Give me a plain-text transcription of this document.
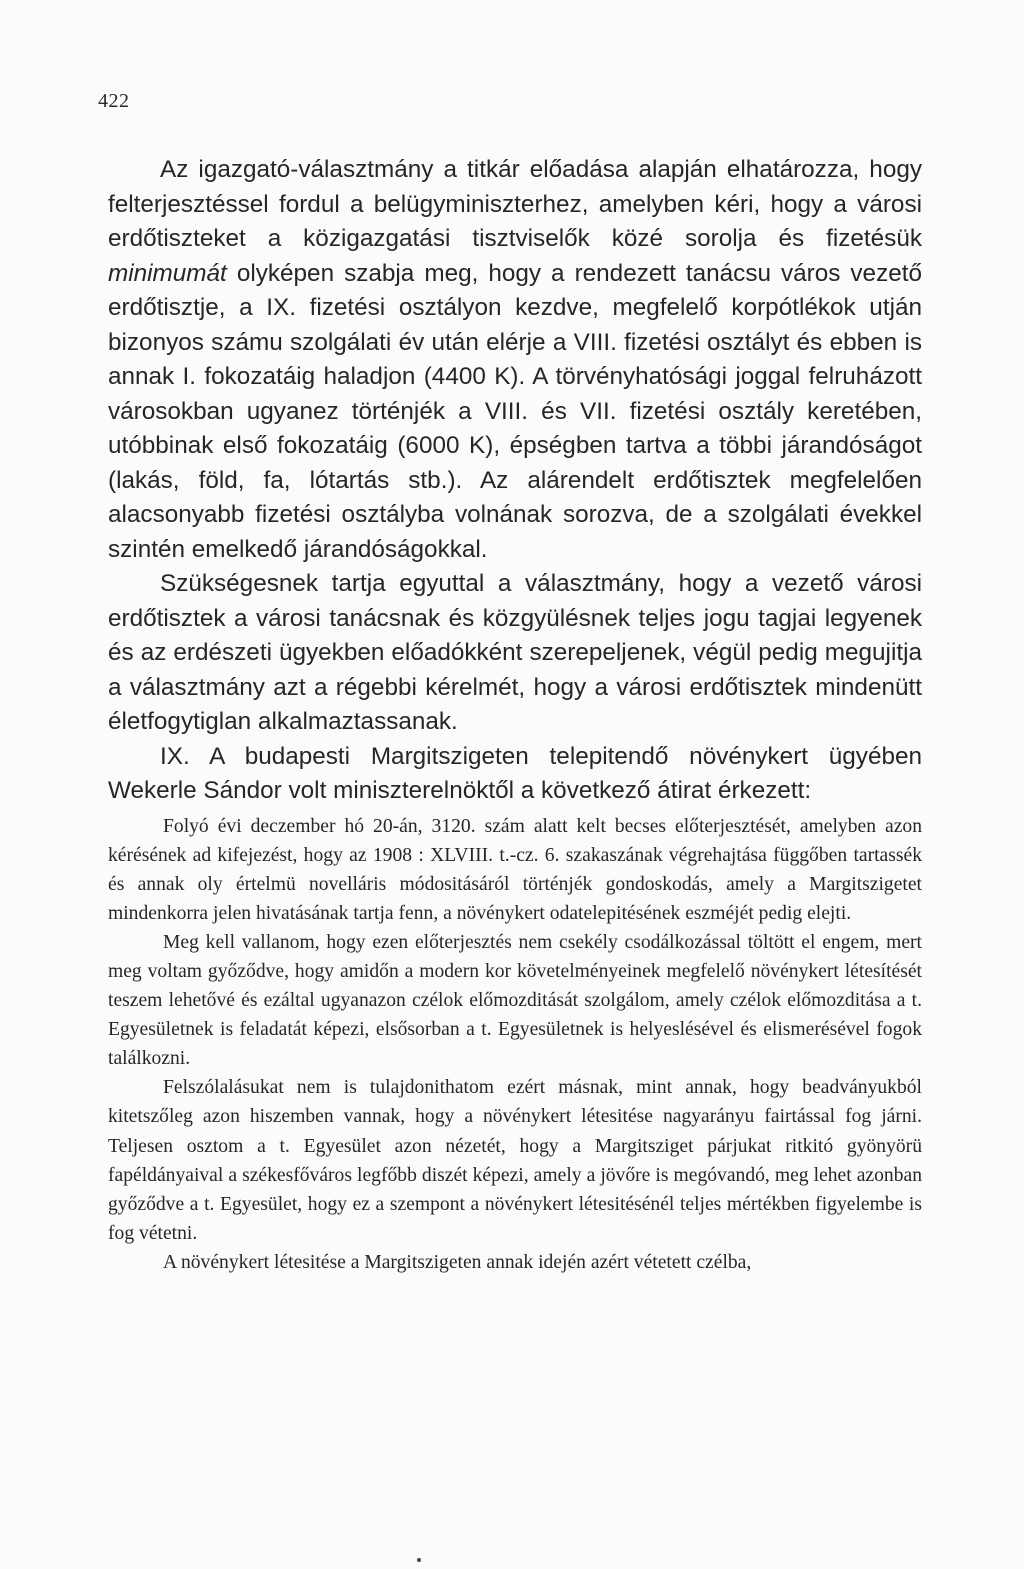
422

Az igazgató-választmány a titkár előadása alapján elhatározza, hogy felterjesztéssel fordul a belügyminiszterhez, amelyben kéri, hogy a városi erdőtiszteket a közigazgatási tisztviselők közé sorolja és fizetésük minimumát olyképen szabja meg, hogy a rendezett tanácsu város vezető erdőtisztje, a IX. fizetési osztályon kezdve, megfelelő korpótlékok utján bizonyos számu szolgálati év után elérje a VIII. fizetési osztályt és ebben is annak I. fokozatáig haladjon (4400 K). A törvényhatósági joggal felruházott városokban ugyanez történjék a VIII. és VII. fizetési osztály keretében, utóbbinak első fokozatáig (6000 K), épségben tartva a többi járandóságot (lakás, föld, fa, lótartás stb.). Az alárendelt erdőtisztek megfelelően alacsonyabb fizetési osztályba volnának sorozva, de a szolgálati évekkel szintén emelkedő járandóságokkal.

Szükségesnek tartja egyuttal a választmány, hogy a vezető városi erdőtisztek a városi tanácsnak és közgyülésnek teljes jogu tagjai legyenek és az erdészeti ügyekben előadókként szerepeljenek, végül pedig megujitja a választmány azt a régebbi kérelmét, hogy a városi erdőtisztek mindenütt életfogytiglan alkalmaztassanak.

IX. A budapesti Margitszigeten telepitendő növénykert ügyében Wekerle Sándor volt miniszterelnöktől a következő átirat érkezett:

Folyó évi deczember hó 20-án, 3120. szám alatt kelt becses előterjesztését, amelyben azon kérésének ad kifejezést, hogy az 1908 : XLVIII. t.-cz. 6. szakaszának végrehajtása függőben tartassék és annak oly értelmü novelláris módositásáról történjék gondoskodás, amely a Margitszigetet mindenkorra jelen hivatásának tartja fenn, a növénykert odatelepitésének eszméjét pedig elejti.

Meg kell vallanom, hogy ezen előterjesztés nem csekély csodálkozással töltött el engem, mert meg voltam győződve, hogy amidőn a modern kor követelményeinek megfelelő növénykert létesítését teszem lehetővé és ezáltal ugyanazon czélok előmozditását szolgálom, amely czélok előmozditása a t. Egyesületnek is feladatát képezi, elsősorban a t. Egyesületnek is helyeslésével és elismerésével fogok találkozni.

Felszólalásukat nem is tulajdonithatom ezért másnak, mint annak, hogy beadványukból kitetszőleg azon hiszemben vannak, hogy a növénykert létesitése nagyarányu fairtással fog járni. Teljesen osztom a t. Egyesület azon nézetét, hogy a Margitsziget párjukat ritkitó gyönyörü fapéldányaival a székesfőváros legfőbb diszét képezi, amely a jövőre is megóvandó, meg lehet azonban győződve a t. Egyesület, hogy ez a szempont a növénykert létesitésénél teljes mértékben figyelembe is fog vétetni.

A növénykert létesitése a Margitszigeten annak idején azért vétetett czélba,
